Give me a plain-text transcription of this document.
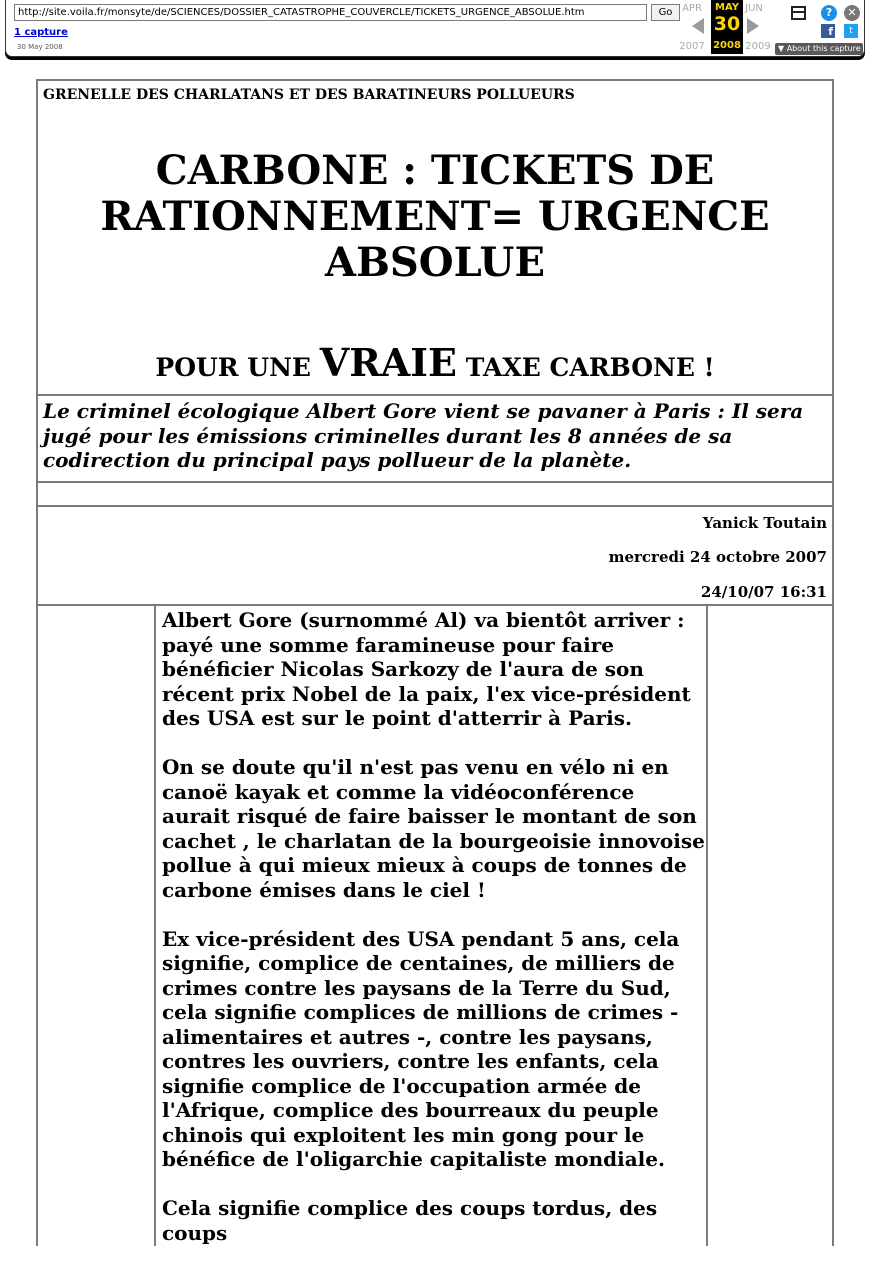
http://site.voila.fr/monsyte/de/SCIENCES/DOSSIER_CATASTROPHE_COUVERCLE/TICKETS_URGENCE_ABSOLUE.htm
Go
1 capture
30 May 2008
APR
2007
MAY
30
2008
JUN
2009
?	✕
f	t
▼ About this capture
GRENELLE DES CHARLATANS ET DES BARATINEURS POLLUEURS
CARBONE : TICKETS DE RATIONNEMENT= URGENCE ABSOLUE
POUR UNE VRAIE TAXE CARBONE !
Le criminel écologique Albert Gore vient se pavaner à Paris : Il sera jugé pour les émissions criminelles durant les 8 années de sa codirection du principal pays pollueur de la planète.
Yanick Toutain
mercredi 24 octobre 2007
24/10/07 16:31

Albert Gore (surnommé Al) va bientôt arriver : payé une somme faramineuse pour faire bénéficier Nicolas Sarkozy de l'aura de son récent prix Nobel de la paix, l'ex vice-président des USA est sur le point d'atterrir à Paris.

On se doute qu'il n'est pas venu en vélo ni en canoë kayak et comme la vidéoconférence aurait risqué de faire baisser le montant de son cachet , le charlatan de la bourgeoisie innovoise pollue à qui mieux mieux à coups de tonnes de carbone émises dans le ciel !

Ex vice-président des USA pendant 5 ans, cela signifie, complice de centaines, de milliers de crimes contre les paysans de la Terre du Sud, cela signifie complices de millions de crimes - alimentaires et autres -, contre les paysans, contres les ouvriers, contre les enfants, cela signifie complice de l'occupation armée de l'Afrique, complice des bourreaux du peuple chinois qui exploitent les min gong pour le bénéfice de l'oligarchie capitaliste mondiale.

Cela signifie complice des coups tordus, des coups
